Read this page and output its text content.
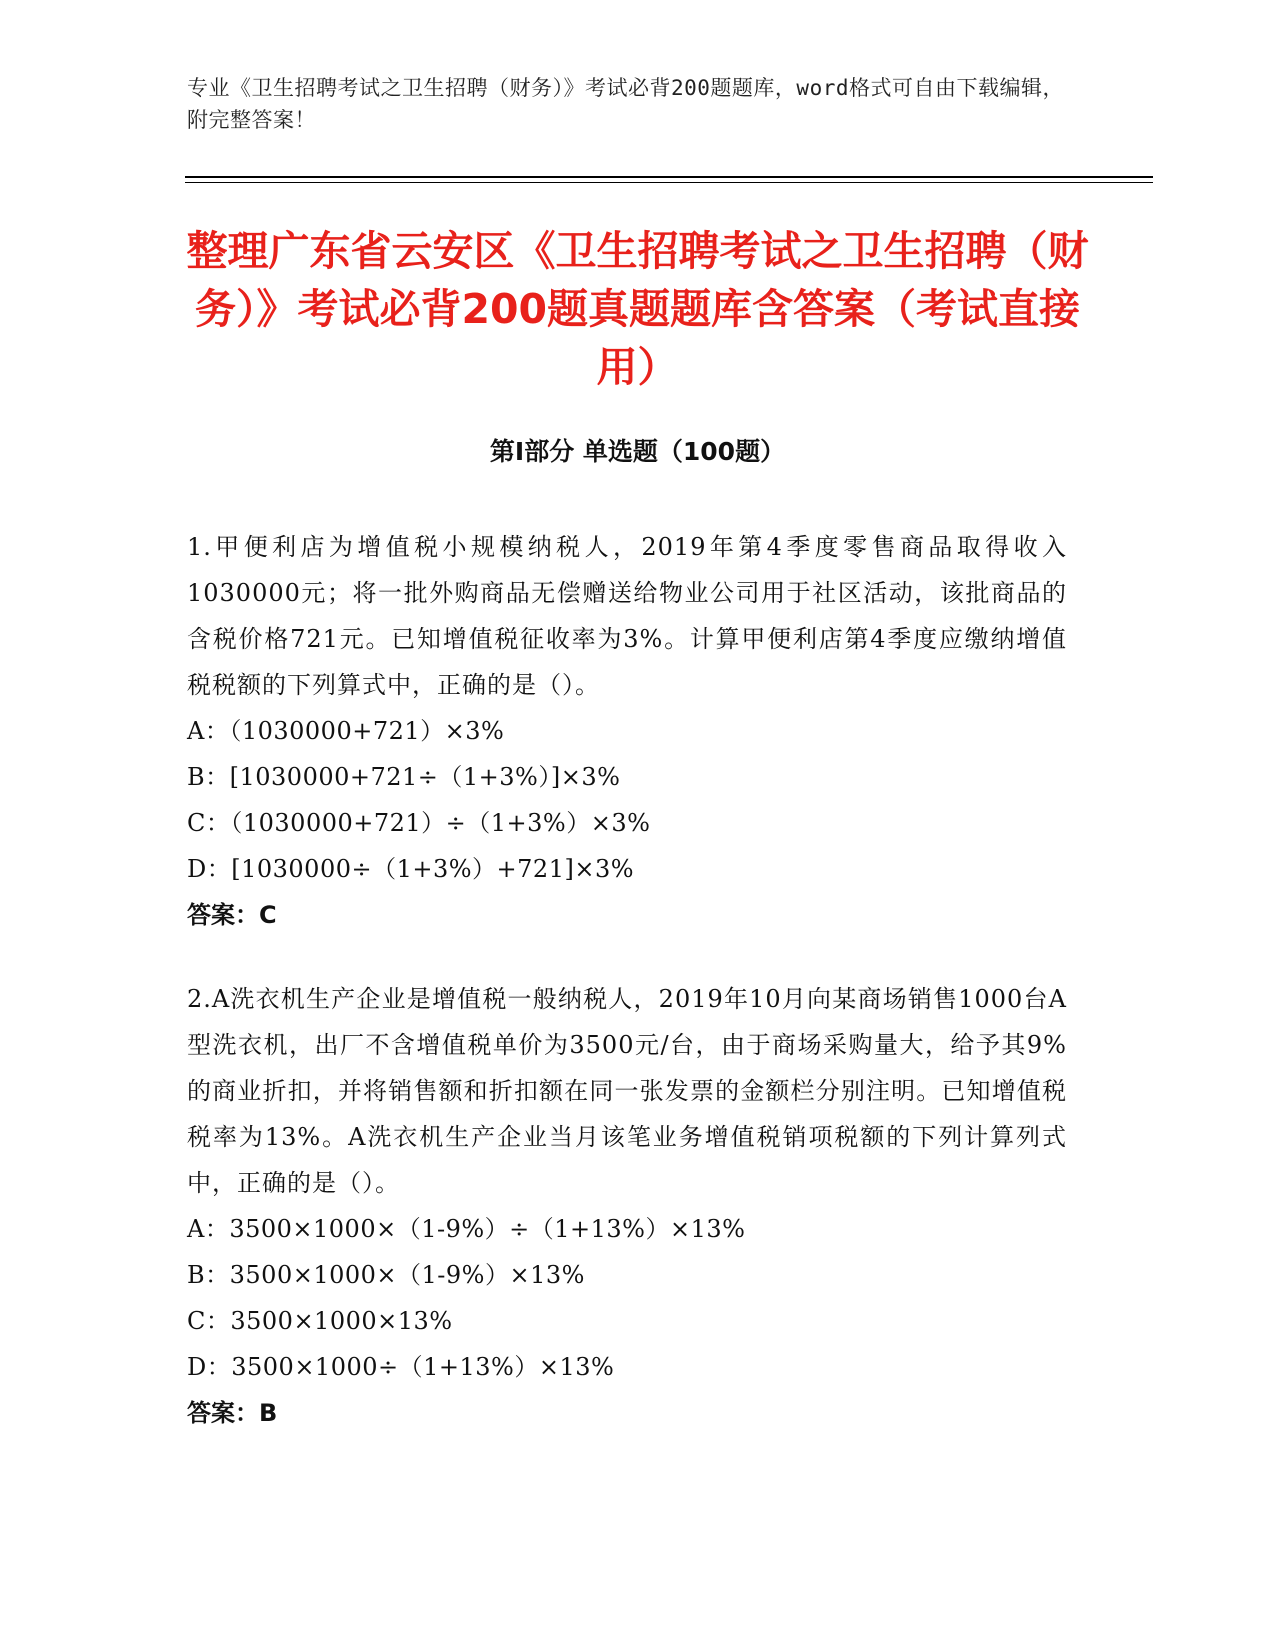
专业《卫生招聘考试之卫生招聘（财务）》考试必背200题题库，word格式可自由下载编辑，附完整答案！
整理广东省云安区《卫生招聘考试之卫生招聘（财务）》考试必背200题真题题库含答案（考试直接用）
第I部分 单选题（100题）

1.甲便利店为增值税小规模纳税人，2019年第4季度零售商品取得收入1030000元；将一批外购商品无偿赠送给物业公司用于社区活动，该批商品的含税价格721元。已知增值税征收率为3%。计算甲便利店第4季度应缴纳增值税税额的下列算式中，正确的是（）。

A：（1030000+721）×3%
B：[1030000+721÷（1+3%）]×3%
C：（1030000+721）÷（1+3%）×3%
D：[1030000÷（1+3%）+721]×3%
答案：C

2.A洗衣机生产企业是增值税一般纳税人，2019年10月向某商场销售1000台A型洗衣机，出厂不含增值税单价为3500元/台，由于商场采购量大，给予其9%的商业折扣，并将销售额和折扣额在同一张发票的金额栏分别注明。已知增值税税率为13%。A洗衣机生产企业当月该笔业务增值税销项税额的下列计算列式中，正确的是（）。

A：3500×1000×（1-9%）÷（1+13%）×13%
B：3500×1000×（1-9%）×13%
C：3500×1000×13%
D：3500×1000÷（1+13%）×13%
答案：B
